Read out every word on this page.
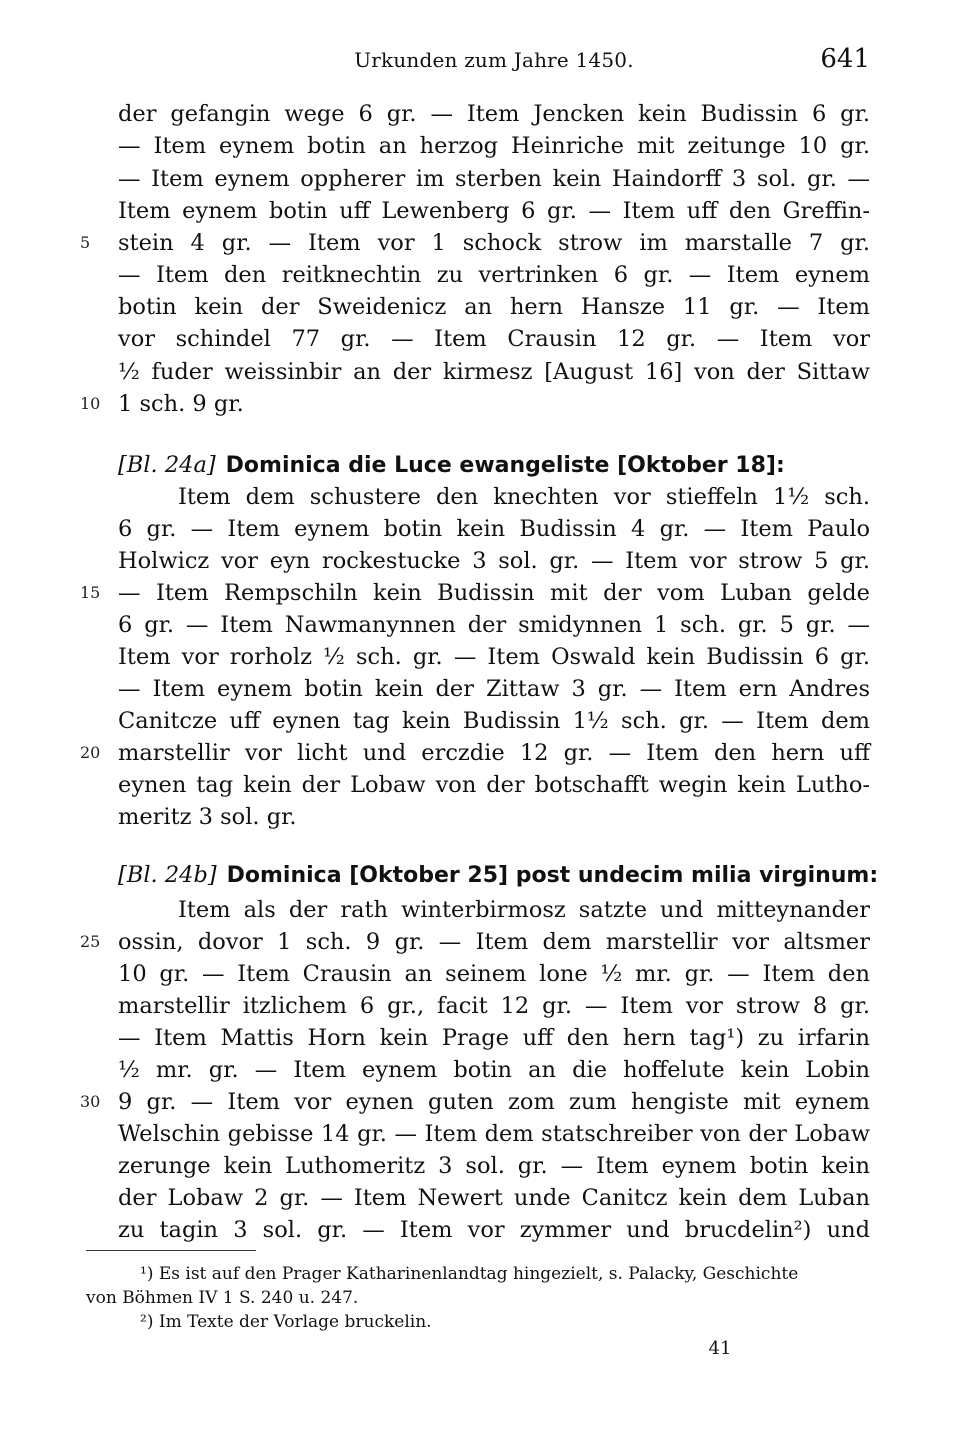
Urkunden zum Jahre 1450.	641
der gefangin wege 6 gr. — Item Jencken kein Budissin 6 gr.
— Item eynem botin an herzog Heinriche mit zeitunge 10 gr.
— Item eynem oppherer im sterben kein Haindorff 3 sol. gr. —
Item eynem botin uff Lewenberg 6 gr. — Item uff den Greffin-
5	stein 4 gr. — Item vor 1 schock strow im marstalle 7 gr.
— Item den reitknechtin zu vertrinken 6 gr. — Item eynem
botin kein der Sweidenicz an hern Hansze 11 gr. — Item
vor schindel 77 gr. — Item Crausin 12 gr. — Item vor
½ fuder weissinbir an der kirmesz [August 16] von der Sittaw
10 1 sch. 9 gr.
[Bl. 24a] Dominica die Luce ewangeliste [Oktober 18]:
Item dem schustere den knechten vor stieffeln 1½ sch.
6 gr. — Item eynem botin kein Budissin 4 gr. — Item Paulo
Holwicz vor eyn rockestucke 3 sol. gr. — Item vor strow 5 gr.
15 — Item Rempschiln kein Budissin mit der vom Luban gelde
6 gr. — Item Nawmanynnen der smidynnen 1 sch. gr. 5 gr. —
Item vor rorholz ½ sch. gr. — Item Oswald kein Budissin 6 gr.
— Item eynem botin kein der Zittaw 3 gr. — Item ern Andres
Canitcze uff eynen tag kein Budissin 1½ sch. gr. — Item dem
20 marstellir vor licht und erczdie 12 gr. — Item den hern uff
eynen tag kein der Lobaw von der botschafft wegin kein Lutho-
meritz 3 sol. gr.
[Bl. 24b] Dominica [Oktober 25] post undecim milia virginum:
Item als der rath winterbirmosz satzte und mitteynander
25 ossin, dovor 1 sch. 9 gr. — Item dem marstellir vor altsmer
10 gr. — Item Crausin an seinem lone ½ mr. gr. — Item den
marstellir itzlichem 6 gr., facit 12 gr. — Item vor strow 8 gr.
— Item Mattis Horn kein Prage uff den hern tag¹) zu irfarin
½ mr. gr. — Item eynem botin an die hoffelute kein Lobin
30 9 gr. — Item vor eynen guten zom zum hengiste mit eynem
Welschin gebisse 14 gr. — Item dem statschreiber von der Lobaw
zerunge kein Luthomeritz 3 sol. gr. — Item eynem botin kein
der Lobaw 2 gr. — Item Newert unde Canitcz kein dem Luban
zu tagin 3 sol. gr. — Item vor zymmer und brucdelin²) und
¹) Es ist auf den Prager Katharinenlandtag hingezielt, s. Palacky, Geschichte
von Böhmen IV 1 S. 240 u. 247.
²) Im Texte der Vorlage bruckelin.
41
